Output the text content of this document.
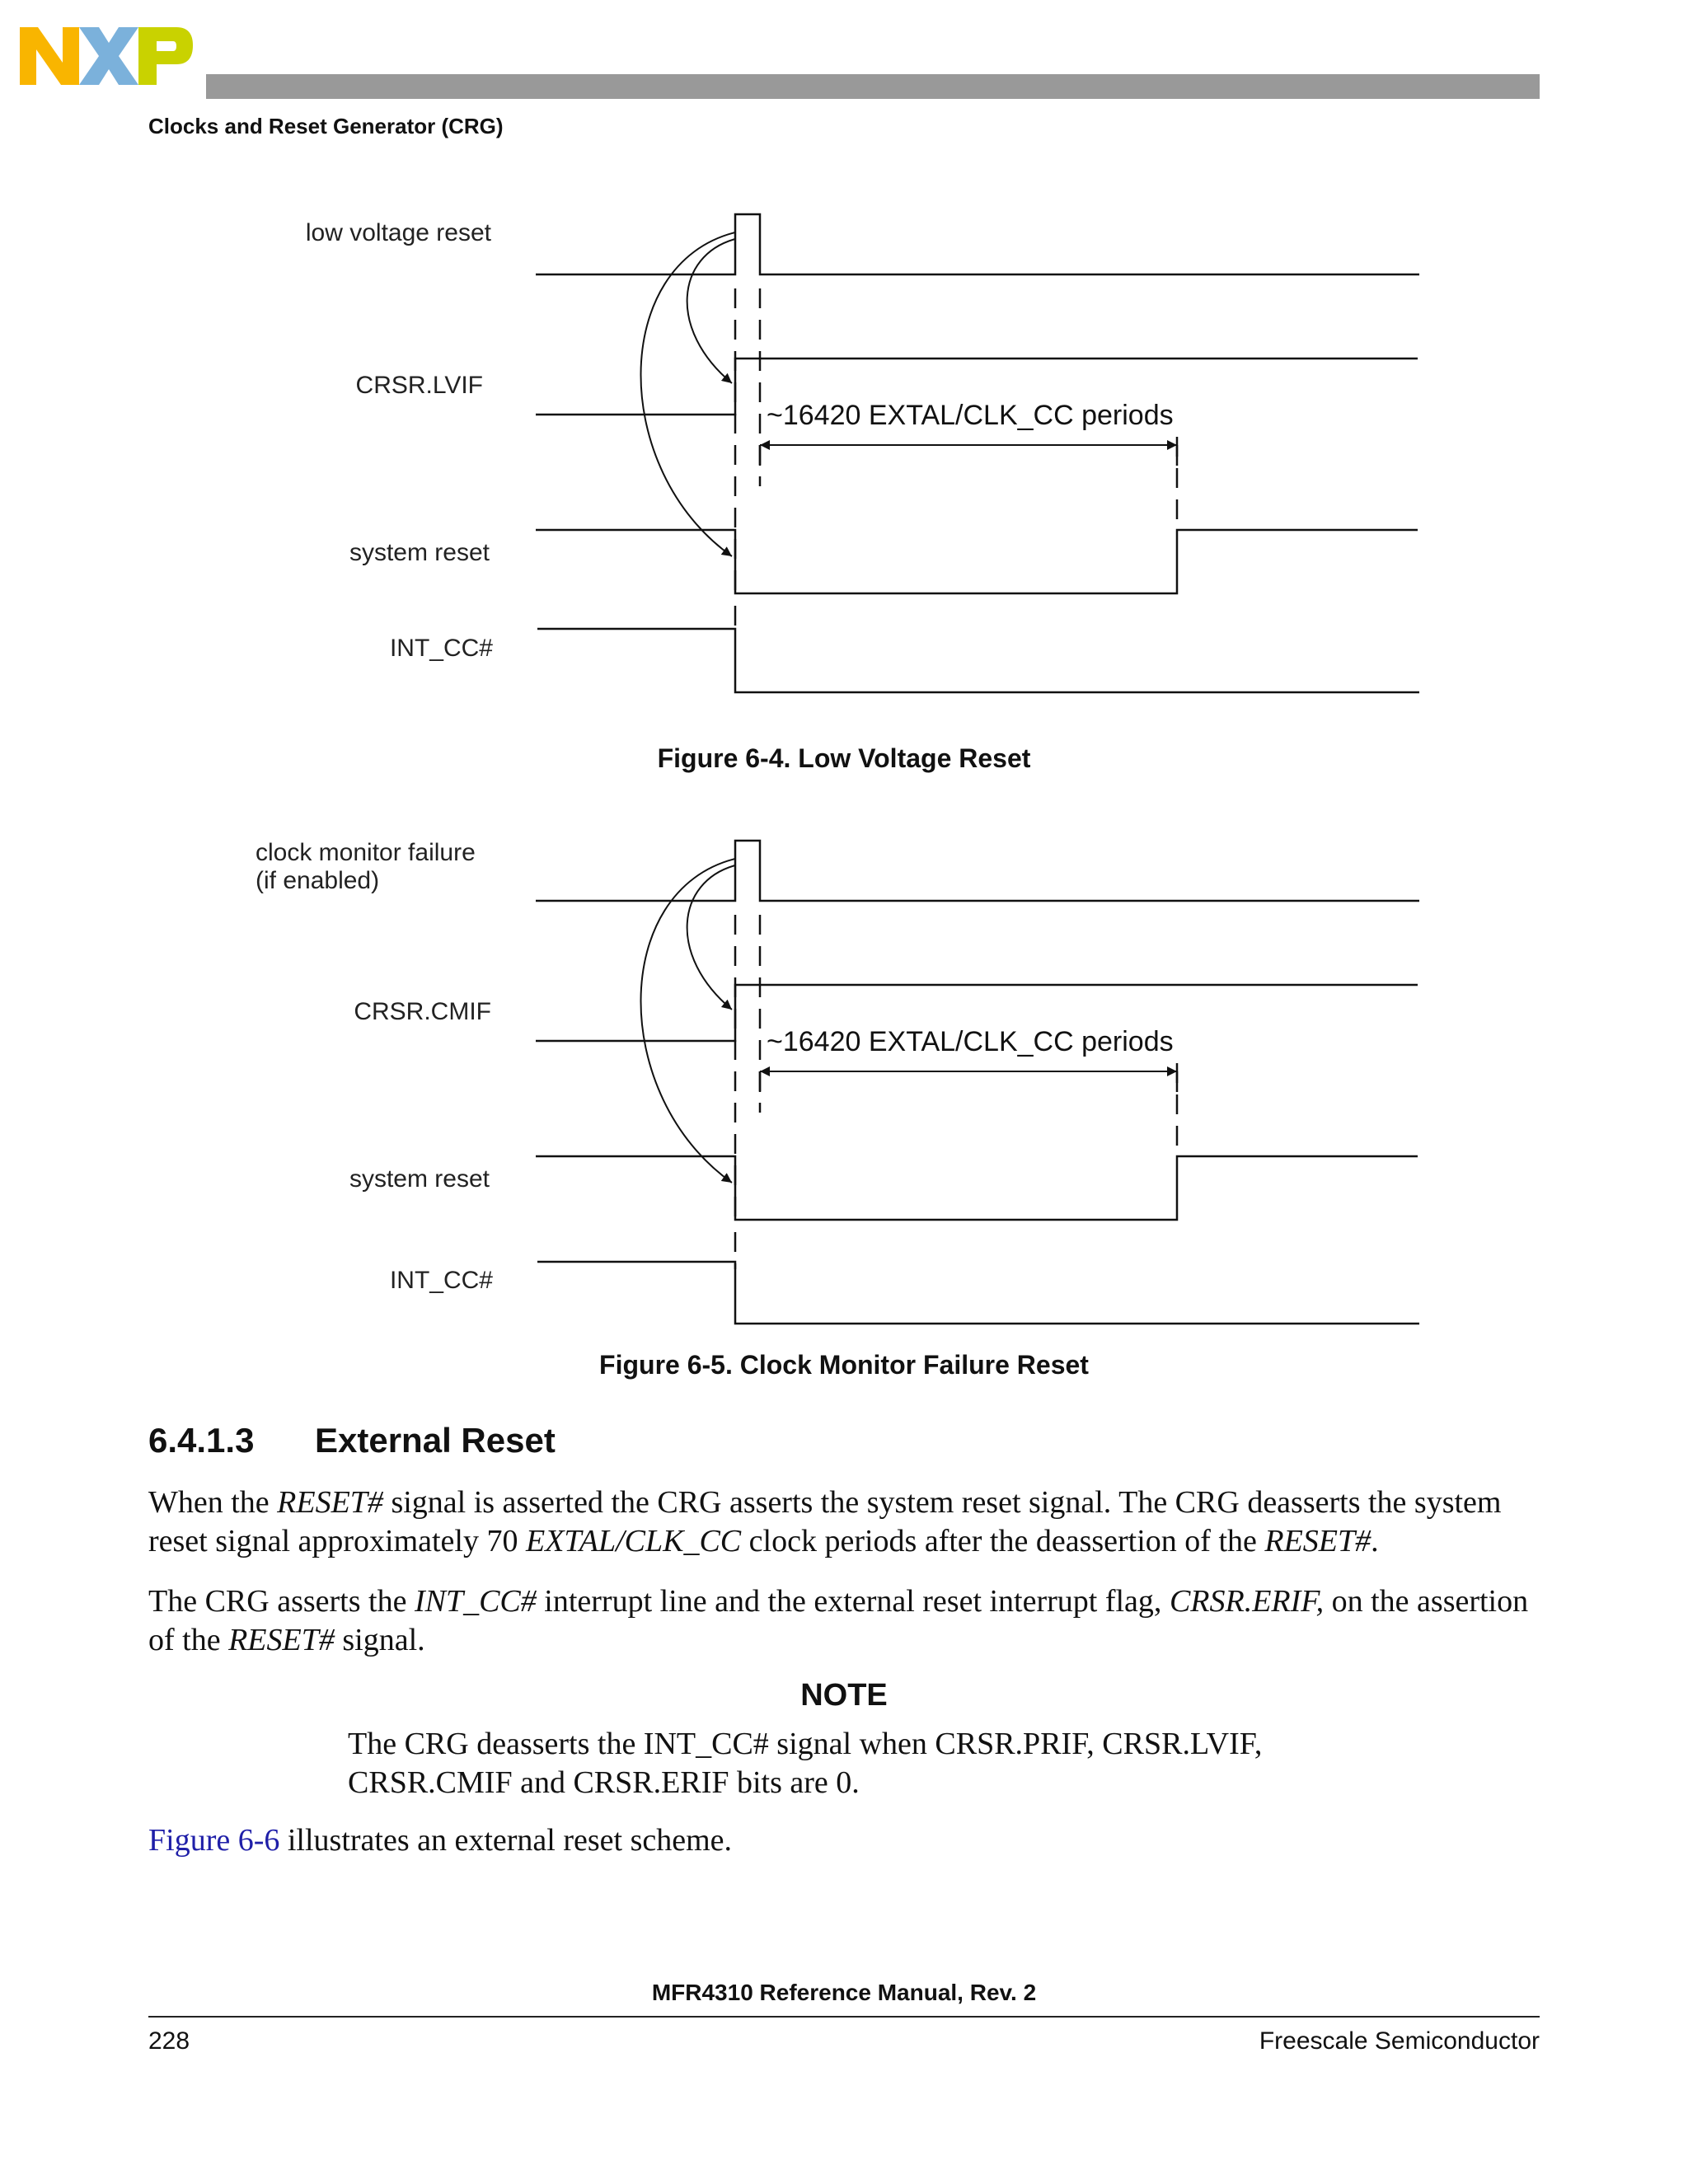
Clocks and Reset Generator (CRG)
low voltage reset
CRSR.LVIF
system reset
INT_CC#
~16420 EXTAL/CLK_CC periods
Figure 6-4. Low Voltage Reset
clock monitor failure
(if enabled)
CRSR.CMIF
system reset
INT_CC#
~16420 EXTAL/CLK_CC periods
Figure 6-5. Clock Monitor Failure Reset
6.4.1.3 External Reset
When the RESET# signal is asserted the CRG asserts the system reset signal. The CRG deasserts the system reset signal approximately 70 EXTAL/CLK_CC clock periods after the deassertion of the RESET#.
The CRG asserts the INT_CC# interrupt line and the external reset interrupt flag, CRSR.ERIF, on the assertion of the RESET# signal.
NOTE
The CRG deasserts the INT_CC# signal when CRSR.PRIF, CRSR.LVIF, CRSR.CMIF and CRSR.ERIF bits are 0.
Figure 6-6 illustrates an external reset scheme.
MFR4310 Reference Manual, Rev. 2
228	Freescale Semiconductor
